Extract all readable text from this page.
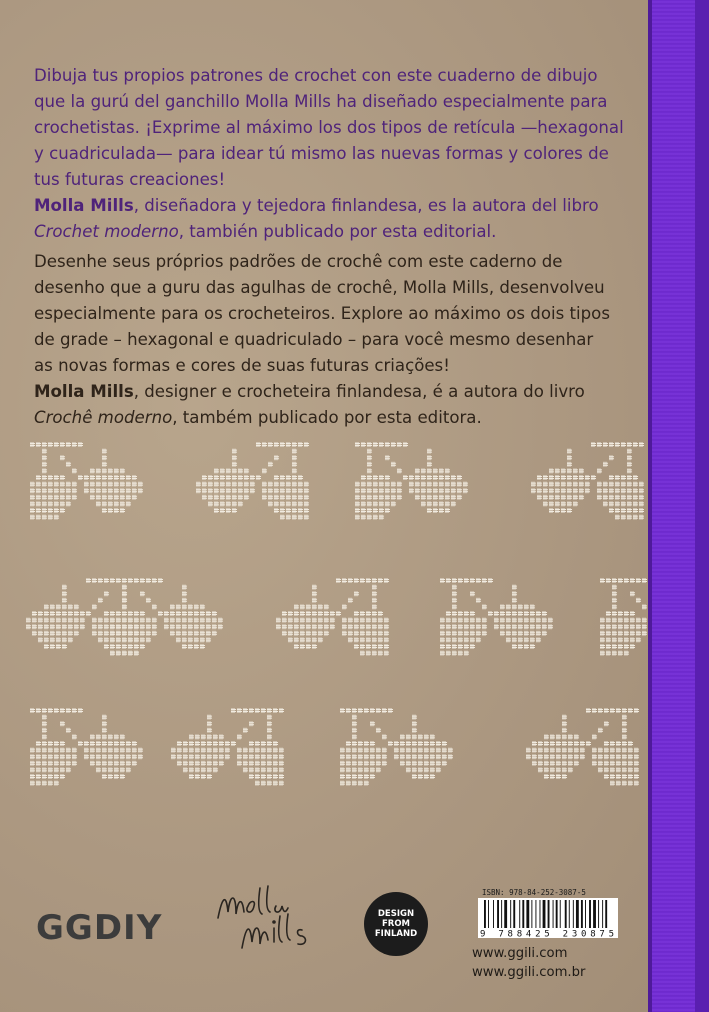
Dibuja tus propios patrones de crochet con este cuaderno de dibujo
que la gurú del ganchillo Molla Mills ha diseñado especialmente para
crochetistas. ¡Exprime al máximo los dos tipos de retícula —hexagonal
y cuadriculada— para idear tú mismo las nuevas formas y colores de
tus futuras creaciones!
Molla Mills, diseñadora y tejedora finlandesa, es la autora del libro
Crochet moderno, también publicado por esta editorial.
Desenhe seus próprios padrões de crochê com este caderno de
desenho que a guru das agulhas de crochê, Molla Mills, desenvolveu
especialmente para os crocheteiros. Explore ao máximo os dois tipos
de grade – hexagonal e quadriculado – para você mesmo desenhar
as novas formas e cores de suas futuras criações!
Molla Mills, designer e crocheteira finlandesa, é a autora do livro
Crochê moderno, também publicado por esta editora.
GGDIY	DESIGN
FROM
FINLAND
ISBN: 978-84-252-3087-5
9 788425 230875
www.ggili.com
www.ggili.com.br
